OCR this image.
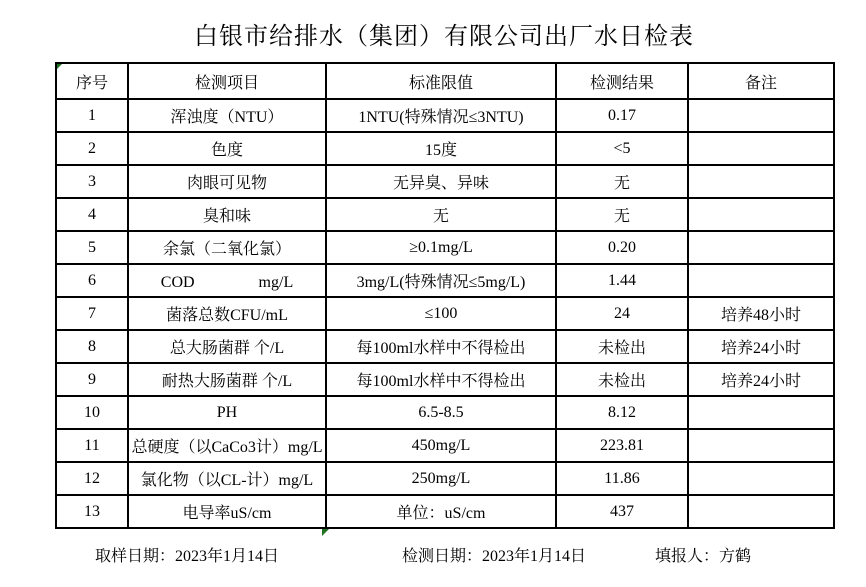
白银市给排水（集团）有限公司出厂水日检表
序号	检测项目	标准限值	检测结果	备注
1	浑浊度（NTU）	1NTU(特殊情况≤3NTU)	0.17	
2	色度	15度	<5	
3	肉眼可见物	无异臭、异味	无	
4	臭和味	无	无	
5	余氯（二氧化氯）	≥0.1mg/L	0.20	
6	COD　　　　mg/L	3mg/L(特殊情况≤5mg/L)	1.44	
7	菌落总数CFU/mL	≤100	24	培养48小时
8	总大肠菌群 个/L	每100ml水样中不得检出	未检出	培养24小时
9	耐热大肠菌群 个/L	每100ml水样中不得检出	未检出	培养24小时
10	PH	6.5-8.5	8.12	
11	总硬度（以CaCo3计）mg/L	450mg/L	223.81	
12	氯化物（以CL-计）mg/L	250mg/L	11.86	
13	电导率uS/cm	单位：uS/cm	437	
取样日期：2023年1月14日	检测日期：2023年1月14日	填报人：方鹤
